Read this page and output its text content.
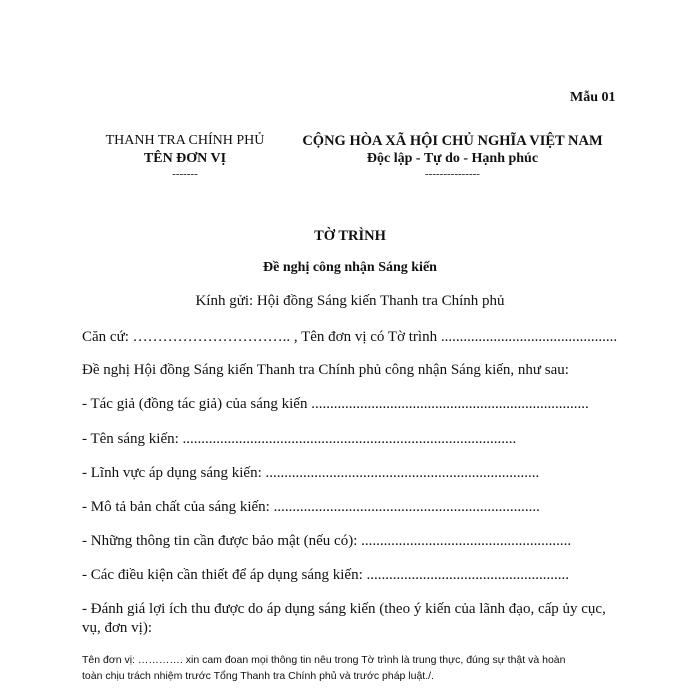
Mẫu 01
THANH TRA CHÍNH PHỦ
TÊN ĐƠN VỊ
-------
CỘNG HÒA XÃ HỘI CHỦ NGHĨA VIỆT NAM
Độc lập - Tự do - Hạnh phúc
---------------
TỜ TRÌNH
Đề nghị công nhận Sáng kiến
Kính gửi: Hội đồng Sáng kiến Thanh tra Chính phủ
Căn cứ: ………………………….. , Tên đơn vị có Tờ trình ...............................................
Đề nghị Hội đồng Sáng kiến Thanh tra Chính phủ công nhận Sáng kiến, như sau:
- Tác giả (đồng tác giả) của sáng kiến ..........................................................................
- Tên sáng kiến: .........................................................................................
- Lĩnh vực áp dụng sáng kiến: .........................................................................
- Mô tả bản chất của sáng kiến: .......................................................................
- Những thông tin cần được bảo mật (nếu có): ........................................................
- Các điều kiện cần thiết để áp dụng sáng kiến: ......................................................
- Đánh giá lợi ích thu được do áp dụng sáng kiến (theo ý kiến của lãnh đạo, cấp ủy cục,
vụ, đơn vị):
Tên đơn vị: …………. xin cam đoan mọi thông tin nêu trong Tờ trình là trung thực, đúng sự thật và hoàn
toàn chịu trách nhiệm trước Tổng Thanh tra Chính phủ và trước pháp luật./.
